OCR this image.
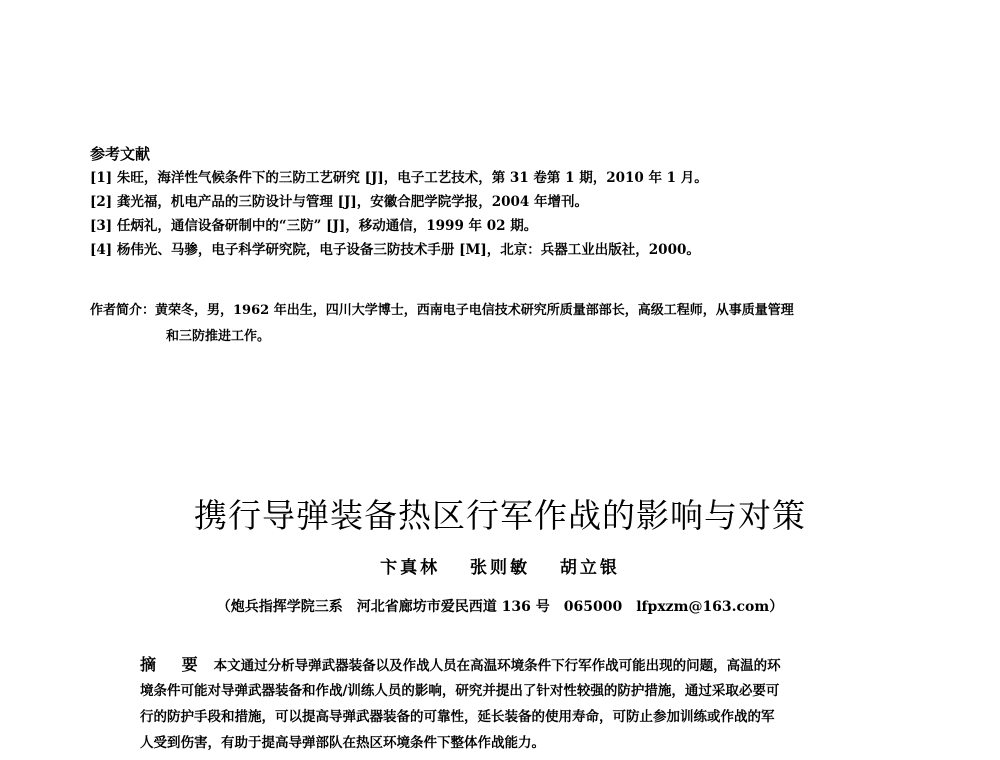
参考文献

[1] 朱旺，海洋性气候条件下的三防工艺研究 [J]，电子工艺技术，第 31 卷第 1 期，2010 年 1 月。

[2] 龚光福，机电产品的三防设计与管理 [J]，安徽合肥学院学报，2004 年增刊。

[3] 任炳礼，通信设备研制中的“三防” [J]，移动通信，1999 年 02 期。

[4] 杨伟光、马骖，电子科学研究院，电子设备三防技术手册 [M]，北京：兵器工业出版社，2000。

作者简介：黄荣冬，男，1962 年出生，四川大学博士，西南电子电信技术研究所质量部部长，高级工程师，从事质量管理
和三防推进工作。
携行导弹装备热区行军作战的影响与对策
卞真林 张则敏 胡立银
（炮兵指挥学院三系　河北省廊坊市爱民西道 136 号　065000　lfpxzm@163.com）
摘 要 本文通过分析导弹武器装备以及作战人员在高温环境条件下行军作战可能出现的问题，高温的环
境条件可能对导弹武器装备和作战/训练人员的影响，研究并提出了针对性较强的防护措施，通过采取必要可
行的防护手段和措施，可以提高导弹武器装备的可靠性，延长装备的使用寿命，可防止参加训练或作战的军
人受到伤害，有助于提高导弹部队在热区环境条件下整体作战能力。
